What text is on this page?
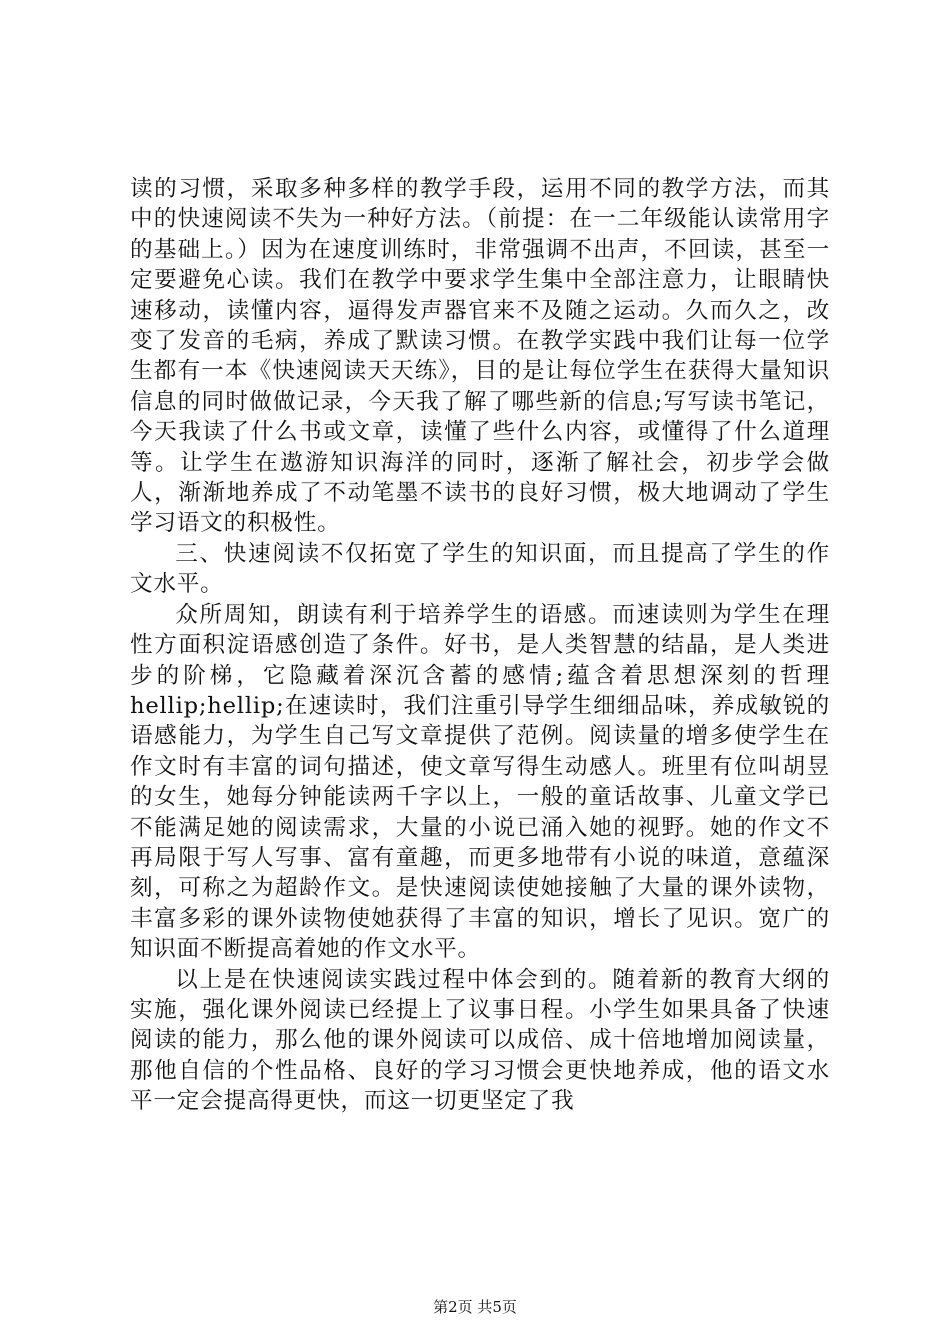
读的习惯，采取多种多样的教学手段，运用不同的教学方法，而其中的快速阅读不失为一种好方法。（前提：在一二年级能认读常用字的基础上。）因为在速度训练时，非常强调不出声，不回读，甚至一定要避免心读。我们在教学中要求学生集中全部注意力，让眼睛快速移动，读懂内容，逼得发声器官来不及随之运动。久而久之，改变了发音的毛病，养成了默读习惯。在教学实践中我们让每一位学生都有一本《快速阅读天天练》，目的是让每位学生在获得大量知识信息的同时做做记录，今天我了解了哪些新的信息;写写读书笔记，今天我读了什么书或文章，读懂了些什么内容，或懂得了什么道理等。让学生在遨游知识海洋的同时，逐渐了解社会，初步学会做人，渐渐地养成了不动笔墨不读书的良好习惯，极大地调动了学生学习语文的积极性。

三、快速阅读不仅拓宽了学生的知识面，而且提高了学生的作文水平。

众所周知，朗读有利于培养学生的语感。而速读则为学生在理性方面积淀语感创造了条件。好书，是人类智慧的结晶，是人类进步的阶梯，它隐藏着深沉含蓄的感情;蕴含着思想深刻的哲理hellip;hellip;在速读时，我们注重引导学生细细品味，养成敏锐的语感能力，为学生自己写文章提供了范例。阅读量的增多使学生在作文时有丰富的词句描述，使文章写得生动感人。班里有位叫胡昱的女生，她每分钟能读两千字以上，一般的童话故事、儿童文学已不能满足她的阅读需求，大量的小说已涌入她的视野。她的作文不再局限于写人写事、富有童趣，而更多地带有小说的味道，意蕴深刻，可称之为超龄作文。是快速阅读使她接触了大量的课外读物，丰富多彩的课外读物使她获得了丰富的知识，增长了见识。宽广的知识面不断提高着她的作文水平。

以上是在快速阅读实践过程中体会到的。随着新的教育大纲的实施，强化课外阅读已经提上了议事日程。小学生如果具备了快速阅读的能力，那么他的课外阅读可以成倍、成十倍地增加阅读量，那他自信的个性品格、良好的学习习惯会更快地养成，他的语文水平一定会提高得更快，而这一切更坚定了我

第2页 共5页
